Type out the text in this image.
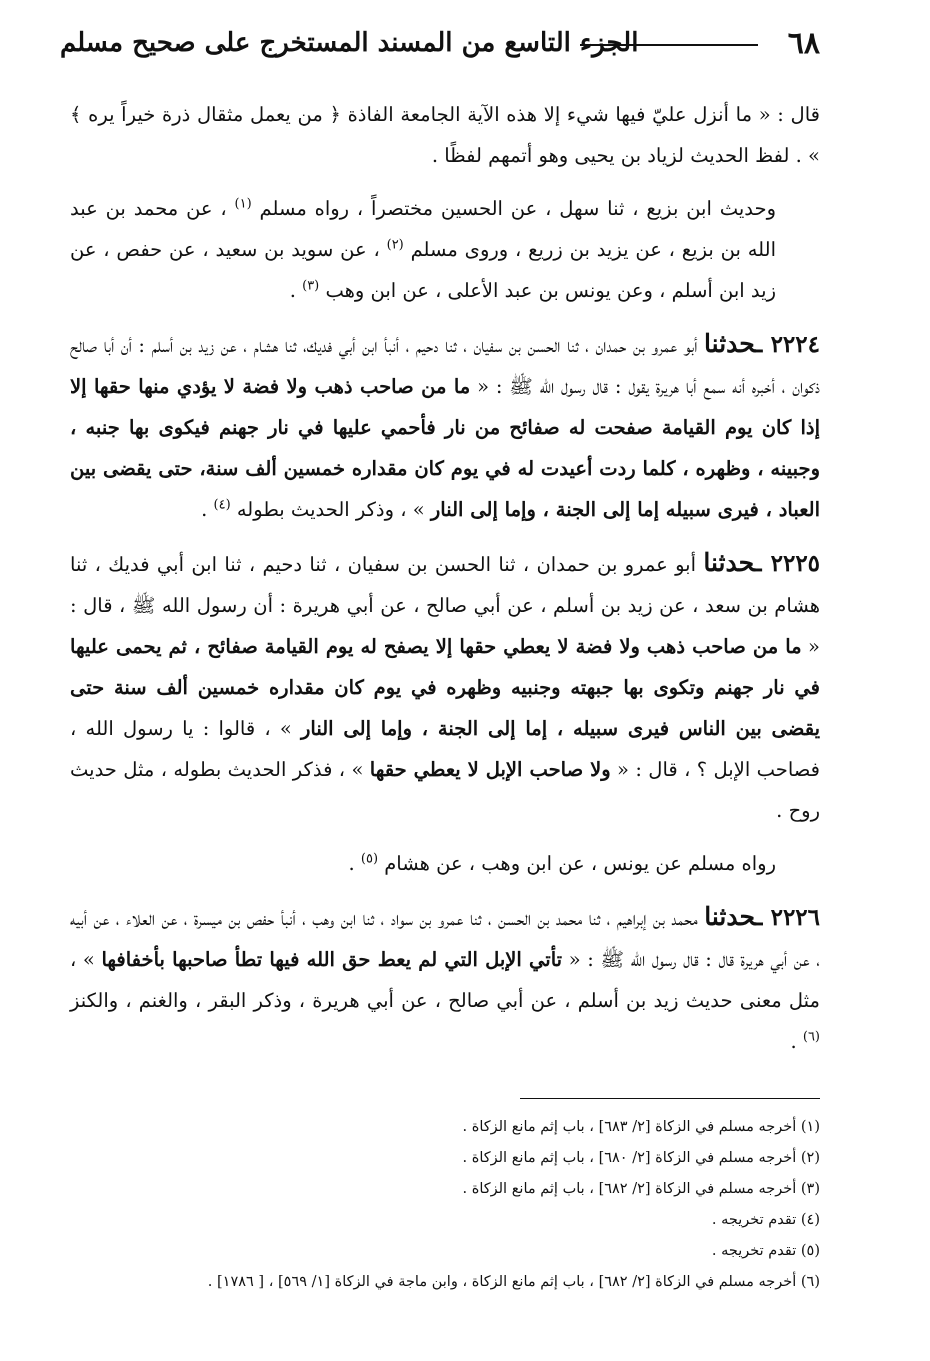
٦٨
الجزء التاسع من المسند المستخرج على صحيح مسلم

قال : « ما أنزل عليّ فيها شيء إلا هذه الآية الجامعة الفاذة ﴿ من يعمل مثقال ذرة خيراً يره ﴾ » . لفظ الحديث لزياد بن يحيى وهو أتمهم لفظًا .

وحديث ابن بزيع ، ثنا سهل ، عن الحسين مختصراً ، رواه مسلم $^{(١)}$ ، عن محمد بن عبد الله بن بزيع ، عن يزيد بن زريع ، وروى مسلم $^{(٢)}$ ، عن سويد بن سعيد ، عن حفص ، عن زيد ابن أسلم ، وعن يونس بن عبد الأعلى ، عن ابن وهب $^{(٣)}$ .

٢٢٢٤ ـحدثنا أبو عمرو بن حمدان ، ثنا الحسن بن سفيان ، ثنا دحيم ، أنبأ ابن أبي فديك، ثنا هشام ، عن زيد بن أسلم : أن أبا صالح ذكوان ، أخبره أنه سمع أبا هريرة يقول : قال رسول الله ﷺ : « ما من صاحب ذهب ولا فضة لا يؤدي منها حقها إلا إذا كان يوم القيامة صفحت له صفائح من نار فأحمي عليها في نار جهنم فيكوى بها جنبه ، وجبينه ، وظهره ، كلما ردت أعيدت له في يوم كان مقداره خمسين ألف سنة، حتى يقضى بين العباد ، فيرى سبيله إما إلى الجنة ، وإما إلى النار » ، وذكر الحديث بطوله $^{(٤)}$ .

٢٢٢٥ ـحدثنا أبو عمرو بن حمدان ، ثنا الحسن بن سفيان ، ثنا دحيم ، ثنا ابن أبي فديك ، ثنا هشام بن سعد ، عن زيد بن أسلم ، عن أبي صالح ، عن أبي هريرة : أن رسول الله ﷺ ، قال : « ما من صاحب ذهب ولا فضة لا يعطي حقها إلا يصفح له يوم القيامة صفائح ، ثم يحمى عليها في نار جهنم وتكوى بها جبهته وجنبيه وظهره في يوم كان مقداره خمسين ألف سنة حتى يقضى بين الناس فيرى سبيله ، إما إلى الجنة ، وإما إلى النار » ، قالوا : يا رسول الله ، فصاحب الإبل ؟ ، قال : « ولا صاحب الإبل لا يعطي حقها » ، فذكر الحديث بطوله ، مثل حديث روح .

رواه مسلم عن يونس ، عن ابن وهب ، عن هشام $^{(٥)}$ .

٢٢٢٦ ـحدثنا محمد بن إبراهيم ، ثنا محمد بن الحسن ، ثنا عمرو بن سواد ، ثنا ابن وهب ، أنبأ حفص بن ميسرة ، عن العلاء ، عن أبيه ، عن أبي هريرة قال : قال رسول الله ﷺ : « تأتي الإبل التي لم يعط حق الله فيها تطأ صاحبها بأخفافها » ، مثل معنى حديث زيد بن أسلم ، عن أبي صالح ، عن أبي هريرة ، وذكر البقر ، والغنم ، والكنز $^{(٦)}$ .

(١) أخرجه مسلم في الزكاة [٢/ ٦٨٣] ، باب إثم مانع الزكاة .
(٢) أخرجه مسلم في الزكاة [٢/ ٦٨٠] ، باب إثم مانع الزكاة .
(٣) أخرجه مسلم في الزكاة [٢/ ٦٨٢] ، باب إثم مانع الزكاة .
(٤) تقدم تخريجه .
(٥) تقدم تخريجه .
(٦) أخرجه مسلم في الزكاة [٢/ ٦٨٢] ، باب إثم مانع الزكاة ، وابن ماجة في الزكاة [١/ ٥٦٩] ، [ ١٧٨٦] .
